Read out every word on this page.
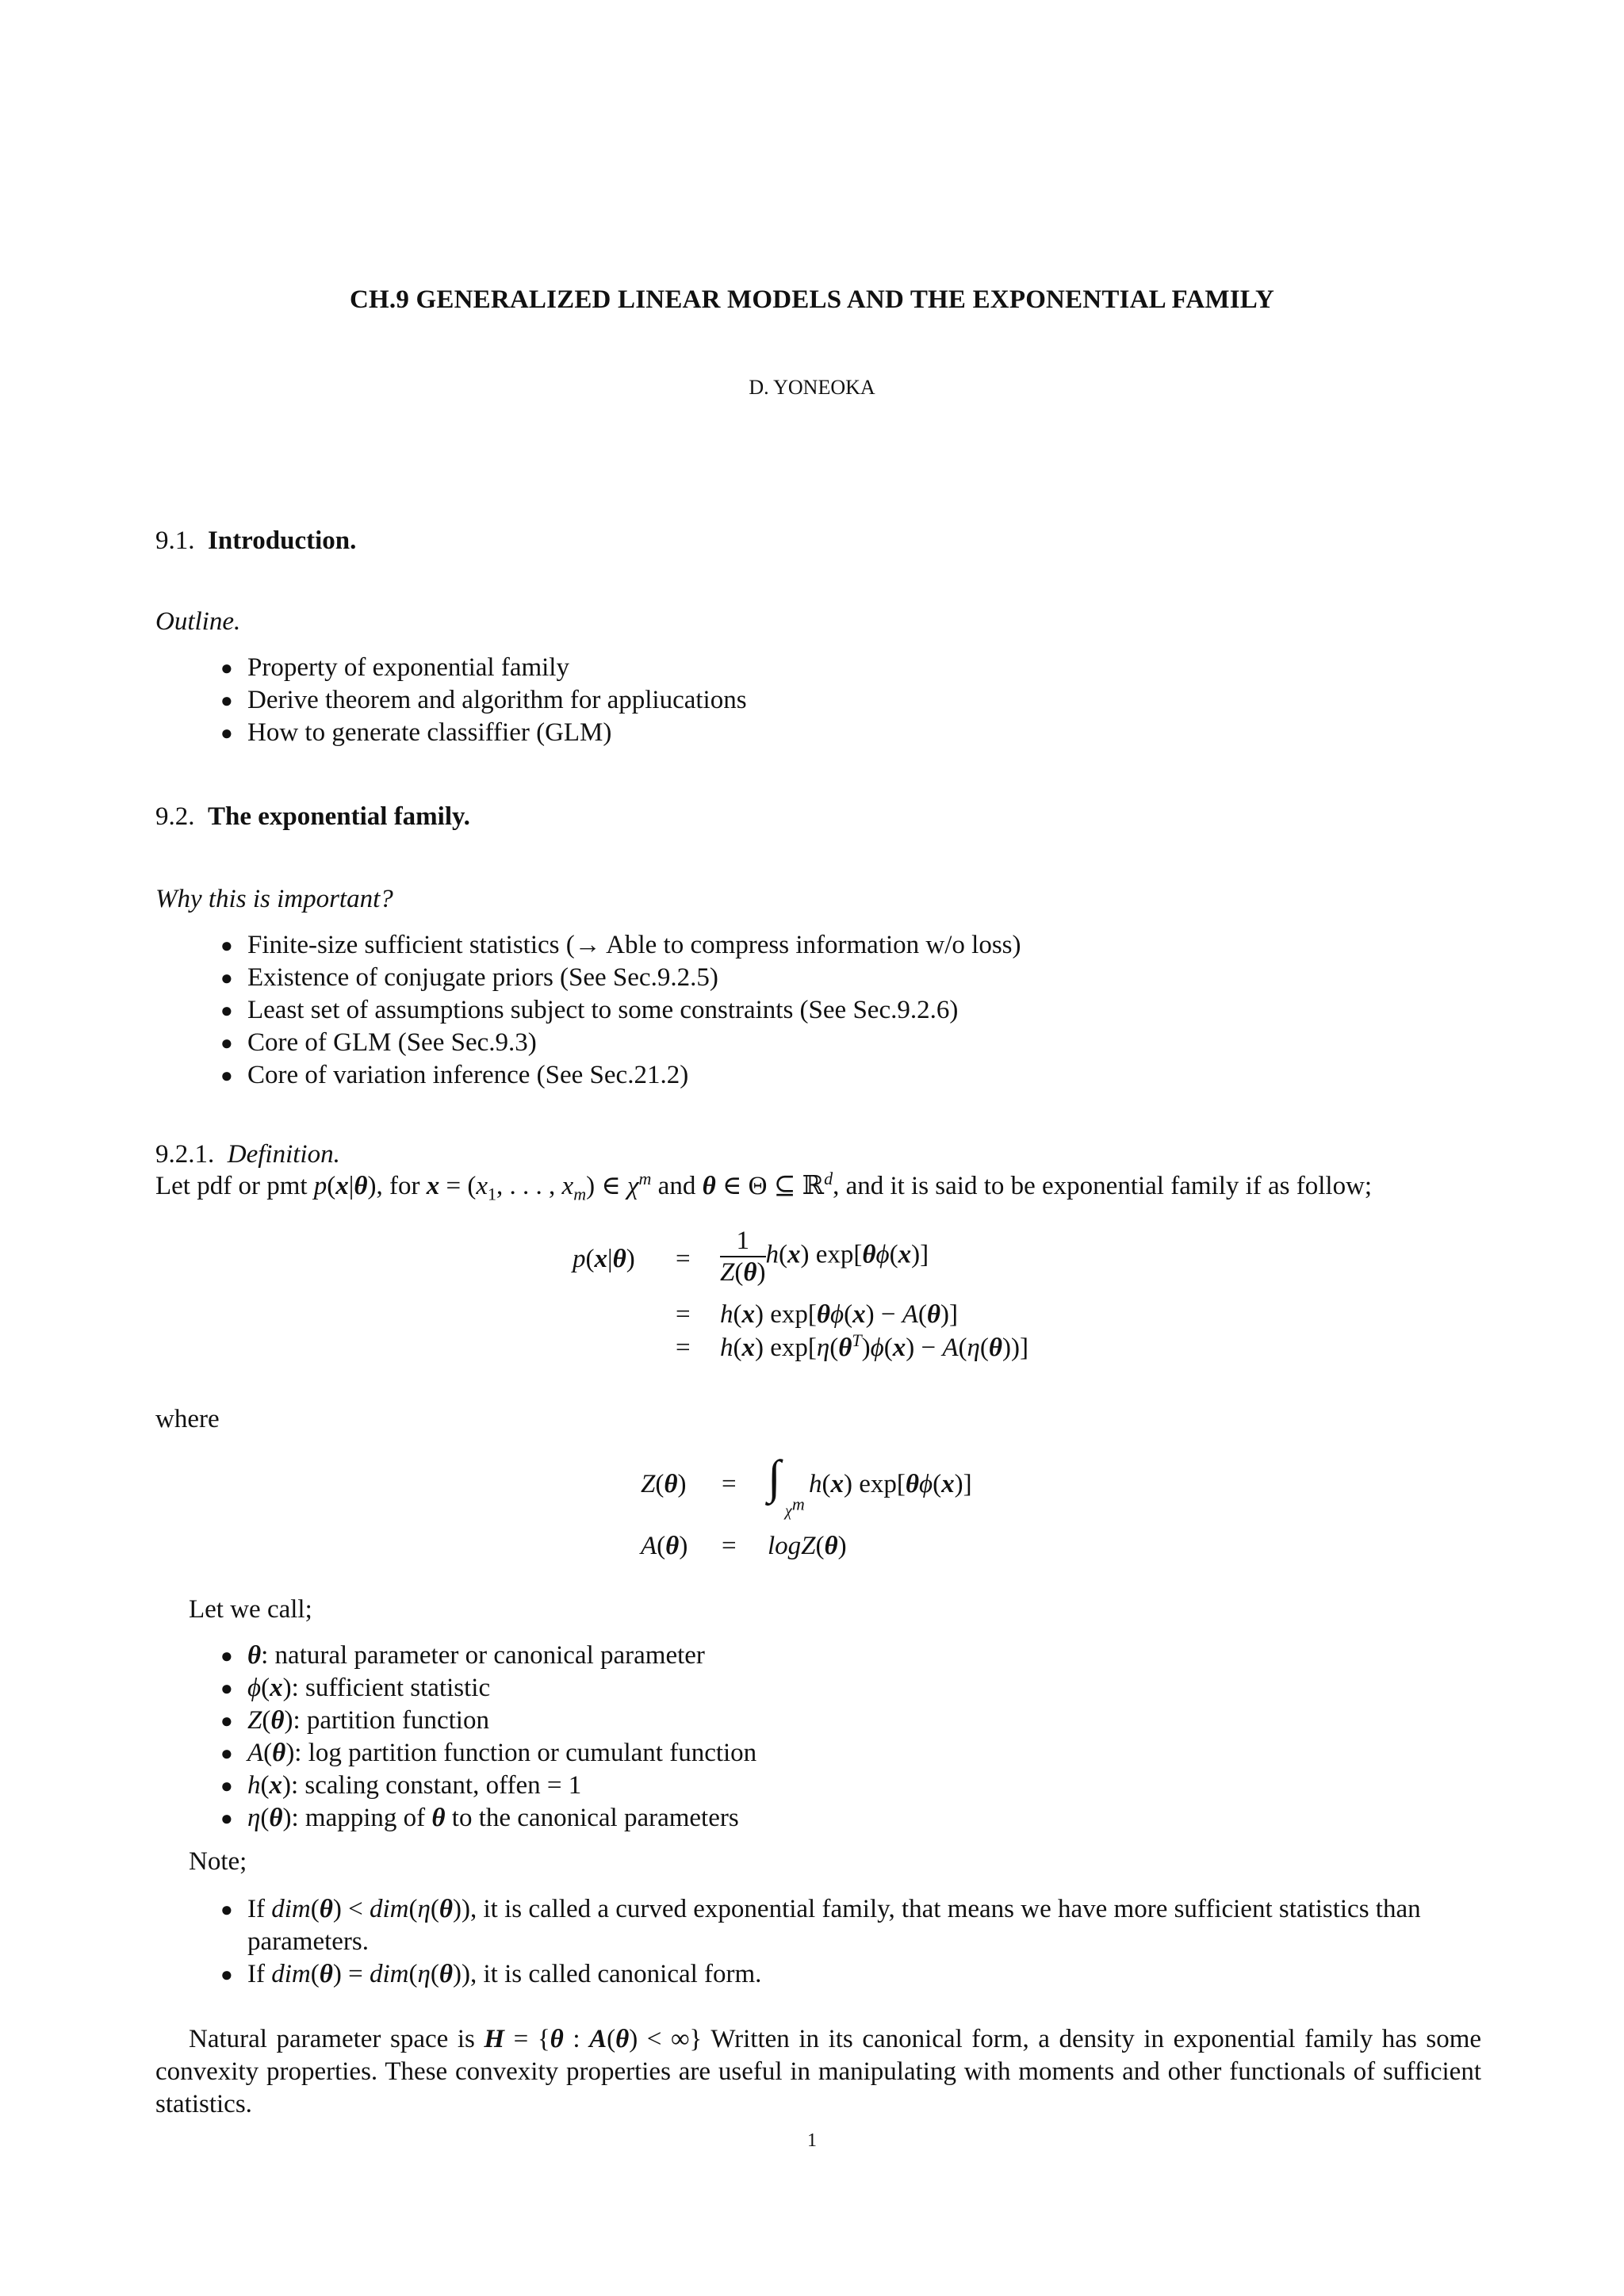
CH.9 GENERALIZED LINEAR MODELS AND THE EXPONENTIAL FAMILY
D. YONEOKA
9.1. Introduction.
Outline.
● Property of exponential family
● Derive theorem and algorithm for appliucations
● How to generate classiffier (GLM)
9.2. The exponential family.
Why this is important?
● Finite-size sufficient statistics (→ Able to compress information w/o loss)
● Existence of conjugate priors (See Sec.9.2.5)
● Least set of assumptions subject to some constraints (See Sec.9.2.6)
● Core of GLM (See Sec.9.3)
● Core of variation inference (See Sec.21.2)
9.2.1. Definition.
Let pdf or pmt p(x|θ), for $x = (x_1$, . . . , $x_m$) ∈ $\chi^m$ and θ ∈ Θ ⊆ ℝ$^d$, and it is said to be exponential family if as follow;
$p(x|\theta) = \frac{1}{Z(\theta)} h(x)$ exp[θϕ(x)]
= h(x) exp[θϕ(x) − A(θ)]
= h(x) $\exp[\eta(\theta^T)\phi(x) - A(\eta(\theta))]$
where
Z(θ) = ∫
$\chi^m$
h(x) exp[θϕ(x)]
A(θ) = logZ(θ)
Let we call;
● θ: natural parameter or canonical parameter
● ϕ(x): sufficient statistic
● Z(θ): partition function
● A(θ): log partition function or cumulant function
● h(x): scaling constant, offen = 1
● η(θ): mapping of θ to the canonical parameters
Note;
● If dim(θ) < dim(η(θ)), it is called a curved exponential family, that means we have more sufficient statistics than parameters.
● If dim(θ) = dim(η(θ)), it is called canonical form.
Natural parameter space is H = {θ : A(θ) < ∞} Written in its canonical form, a density in exponential family has some convexity properties. These convexity properties are useful in manipulating with moments and other functionals of sufficient statistics.
1
